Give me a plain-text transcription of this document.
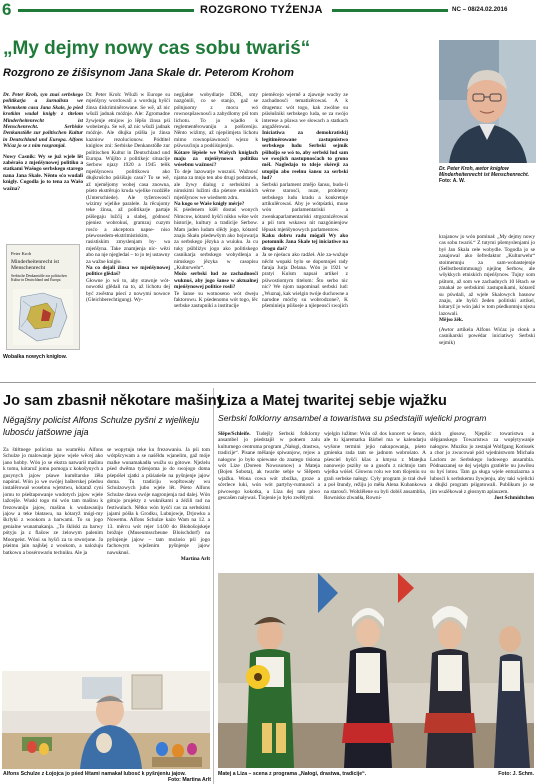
6	ROZGRONO TYŹENJA	NC – 08/24.02.2016
„My dejmy nowy cas sobu twariś“
Rozgrono ze źišisynom Jana Skale dr. Peterom Krohom

Dr. Peter Kroh, syn znaś serbskego politikarja a žurnalista we Wiemskem casu Jana Skale, jo pśed krotkim wudał knigły z titelom Minderheitenrecht ist Menschenrecht. Serbiske Denkanstöße zur politischen Kultur in Deutschland und Europa. Alfons Wićaz jo se z nim rozgranjał.

Nowy Casnik: Wy se juž wjele lět zabérašo z mjeńšynowej politiku a statkami Wašogo serbskego starego nana Jana Skale. Nënto sćo wudali knigły. Cogodla jo to tena za Wašo wažna?

Peter Kroh
Minderheitenrecht ist Menschenrecht
Serbische Denkanstöße zur politischen Kultur in Deutschland und Europa
Wobalka nowych knigłow.

Dr. Peter Kroh: Wšuži w Europe su mjeńšyny wordowali a wordują hyšći źinsa diskriminěrowane. Se wě, až nic wšuži jadnak móźnje. Ale: Zgromadne žywjenje etnijow jo lěpšo źinsa pśi wobeżenju. Se wě, až nic wšuži jadnak móźnje. Ale dłujka pśišła jo źinsa kazniow rezolucionow. Pódtitel knigłow zni: Serbiske Denkanstöße zur politischen Kultur in Deutschland und Europa. Wújšto z politikejc situacije Serbow njazy 1920 a 1945 tełik mjeńšynowu politikowu ako dłujkrušcho pśiśišaju casu? To se wě, až njemějomy wobej casa znowna, pśeto ekstrěrujo kruda wjelike rozdźěle (Unterschiede). Ale tyžerowosći wizimy wjelike paralele. Ja rěcujomy teke źinsa, až politikarje partaje pśišegaju lužćij a slabej, gódnosć pjeniez wobrokuś, gramzuj cuzym rosćo a akceptora napse- niso pśewosedem-ekstrimistiskim, rasistiskim zmyslenjam by- wa mjeńšyna. Take znamjenja nic- wězi abo na nje njegledaś – to jo tej ustawny za wažne knigło.

Na co dejali źinsa we mjeńšynowej politice glědaś?

Głowne jo wó to, aby stawnje wót- nowotki glědali na to, až lichotu dej być zwěstna pśeci z nowymi nowoce (Gleichberechtigung). Wy-

negijałne wobydlarje DDR, smy nazgónili, co se stanjo, gaž se pólnjuomy z mocu wó rownospšawnosći a zabydlomy pśi tom lichotu. To jo wjadło k reglementěrowaniju a połšceniju. Něnto wiźimy, až njepśimjeta lichotu mimo rownopśawnosći wjezo k pśiwusćinju a podśiśnjeniju.

Kótare lěpšele we Wašych knigłach maju za mjeńšynowu politiku wósebnu wažnosć?

To deje lazowarje wuszuiś. Wažnosć njama za mnjo ten abo drugi podstawk, ale žywy dialog z serbskimi a nimskimi lužimi dla pśetore etniskich mjeńšynow we wiednem zdru.

Na kogo se Waše knigły mérje?

K pśedenem kśěl dostaś wonych Nimcow, kótarež hyšći nikko wěze wót historije, kultury a tradicije Serbow. Mam jaden ludam slědy jogo, kótarež znaju Skału pśedewšym ako bojowarja za serbskego jězyka a wuiuku. Ja cu tuky pśibliżys jogo ako politiskego casnikarja serbskego wobydlenja a nimskego jězyka w casopisu „Kulturwehr“.

Možo serbski lud ze zachadnosći wuknuś, aby jogo šanse w aktualnej mjeńšynowej politice rosli?

Te šanse su wotnoseno wót dweju faktorowu. K pśedenomu wót togo, lěc serbske zastupnikí a institucije

pieměcejo wjerně a zjawnje wucby ze zachadnosći tematizěrowaś. A k drugemu: wót togo, kak zwólne su pśisłušniki serbskego luda, se za swójo interese a pšawa we słowach a statkach angažěrowaś.

Iniciatiwa za demokratiskij legitiměrowane zastupnistwo serbskego ludu Serbski sejmik pšiholjo se wó to, aby serbski lud sam we swojich nastupnosćach to grono měl. Nagledajo to tdeje skéreji za utopiju abo reelnu šansu za serbski lud?

Serbski parlament změjo šansu, budo-li wérne starosći, nuze, problemy serbskego ludu kradu a konkretnje artikulěrowaś. Aby je wótpśatki, muse wón parlamentariski a zwenkaparlamentariski strgoznizěrowaś a pśi tom wskawu nit nazgónienjow lěpuak mjeńšynowych parlamentow.

Kaku dobru radu mógali Wy ako potomnik Jana Skale tej iniciatiwe na drogu daś?

Ja se njeśucu ako radźeł. Ale za-wužuje něcht wopaki bylo se dopomnjeś rady faraja Jurja Delana. Wón jo 1921 w pratyi Kulsm napsał artikel z pśiwostiomym titelom: Što serbo nic nic? We njom napominaš serbski lud: „Wuznaj, kak wielgin twóje duchowne a narodne móchy su wobrodzone?, K pšeminieju pśišoeje a njiepeosći swojich

Dr. Peter Kroh, awtor knigłow Minderheitenrecht ist Menschenrecht. Foto: A. W.

krajanow jo wón pominał: „My dejmy nowy cas sobu twariś.“ Z tutymi pšemyslenjami jo był Jan Skala cełe wobydle. Togodla jo se zasajowal ako šefredaktor „Kulturwehr“ stoimemnju za sam-wobastejenje (Selbstbestimmung) njejinę Serbow, ale wšykkych etniskich mjeńšynow. Tujny som pśitom, až som we zachadnych 10 lětach se zmakał ze serbskimi zastupnikami, kótarež su pśwdali, až wjele Skalowych basnow znaju, ale hyšći žeden politiski artikel, kótaryž jo wón jaki w tom pśedkomnju njezu lazowali.

Mějso žěk.

(Awtor artikela Alfons Wićaz jo cłonk a casnikarski powédar iniciatiwy Serbski sejmik)

Jo sam zbasnił někotare mašiny
Něgajšny policist Alfons Schulze pyšni z wjelikeju lubosću jatšowne jaja

Za štiŕtnege policista na wumrěśu Alfons Schulze jo malowanje jajow wjele wěcej ako jano hobby. Wón jo se ekstra natwarił mašinu k tomu, kótaruž jomu pomoga z kokošynych a gusynych jajow pśawe kumštarske źěła napóraś. Wón jo we swójej bašterskej pśedou instalěrował wosebnu wjetstwu, kótaraž cyni jomu to pśeštapowanje wudotych jajow wjele lažcejše. Wuski togo mi wón tam mašinu k frezowaniju jajow, mašinu k wudawaniju jajow a teke błatawu, na kótaryž mógi-my škrlyki z wookom a barwami. To su jogo genialne wunamakanja. „To škliski za barwy pótyju ja z flašow ze żelowym palenim Moorgeist. Wóni su hyšći za to stworjone. Ja pśeimu jain najhšej z wookom, a nalożuju batkowu a bosérowariu techniku. Ale ja

se wopytuju teke ku frezowaniu. Ja pśi tom wótpšcywam a se naśěldu wjanelim, gaž móje malke wunamakadła wuižu su gótowe. Njeźelu pśed dwěma tyźenjoma jo do swojogo doma pśepóšeł zjatki a pśiśańeše na pyšnjenje jajow doma. Tu tradiciju wopřtowały wu Schulzowych jubo wjele lět. Pśeto Alfons Schulze dawa swóje nagronjenja rad dalej. Wón gótujo projekty z wuknikami a źéźili rad na festiwalach. Nětko wón hyśći cas za serbskimi jajami póšła k Grodku, Lubnjowje, Drjowku a Nowemu. Alfons Schulze każo Wam na 12. a 13. měrcu wót rejer 14.00 do Błobošojskeje brožnje (Museumsscheune Bloischdorf) na pyšnjenje jajow – tam możośo pśi jogo fachowym wježenim pyšnjenje jajow nawuknuś.

Martina Arlt

Alfons Schulze z Łojojca jo pśed lětami namakał lubosć k pyšnjeniu jajow.
Foto: Martina Arlt
Liza a Matej twaritej sebje wjažku
Serbski folklorny ansambel a towaristwa su pśedstajili wjelicki program

Slěpe/Schleife. Tudejšy Serbski folklorny ansambel jo pśedstajił w połnem zalu kulturnego centruma program „Nałogi, drastwa, tradicije“. Pisane měšanje spiwanjow, rejow a nałogow jo było spiewane do znatego tisiona wót Lize (Doreen Nowusonow) a Mateja (Bojen Sobota), ak twarite sebje w Slěpem wjažku. Wona cowa wót zbožka, groze a sćerlece luki, wón wót partyhy-rumnosći a piwowego kokotka, a Liza dej tam piwo gescašen naływaś. Ťiojenie jo było zwětšymi

wjelgin lužitne: Wón ož dos koncert w šence, ale tu kjaremarka Bárbel ma w kalendarju wyšone termini jejio nakupowanja, pśeto gmienka rada tam se jadnom wobrośato. A pśesciel hyšći kšas a kmysa z Matejka nanowejo pszihy so a gusofu z nichtojo tam wjelka wóśel. Głownu rolu we tom tšojeniu su grali serbske nałogy. Cyły program jo trał dwě a poł štundy, režiju jo měła Alena Kubankowa na starosći. Wobźělene su byli dobiš ansamblia, Rownisko zlwadła, Rowni-

skich głosow, Njepilic towaristwa a slěpjanskego Towaristwa za wopłytywanje nałogow. Muziku jo zestajał Wolfgang Kotissek a chor jo zwucował pód wjednistwom Michała Laclom ze Serbskego ludowego ansambla. Pódnaszanej se dej wjelgin gratiérie nu juwiłou su hyś lotou. Tam ga sługa wjele entuziazma a lubosći k serbskemu žywjenju, aby taki wjelicki a dłujki program pśigotowali. Publikum jo se jim wuźěkował z głosnym aplauzem.

Jost Schmidtchen

Matej a Liza – scena z programa „Nałogi, drastwa, tradicije“.	Foto: J. Schm.
